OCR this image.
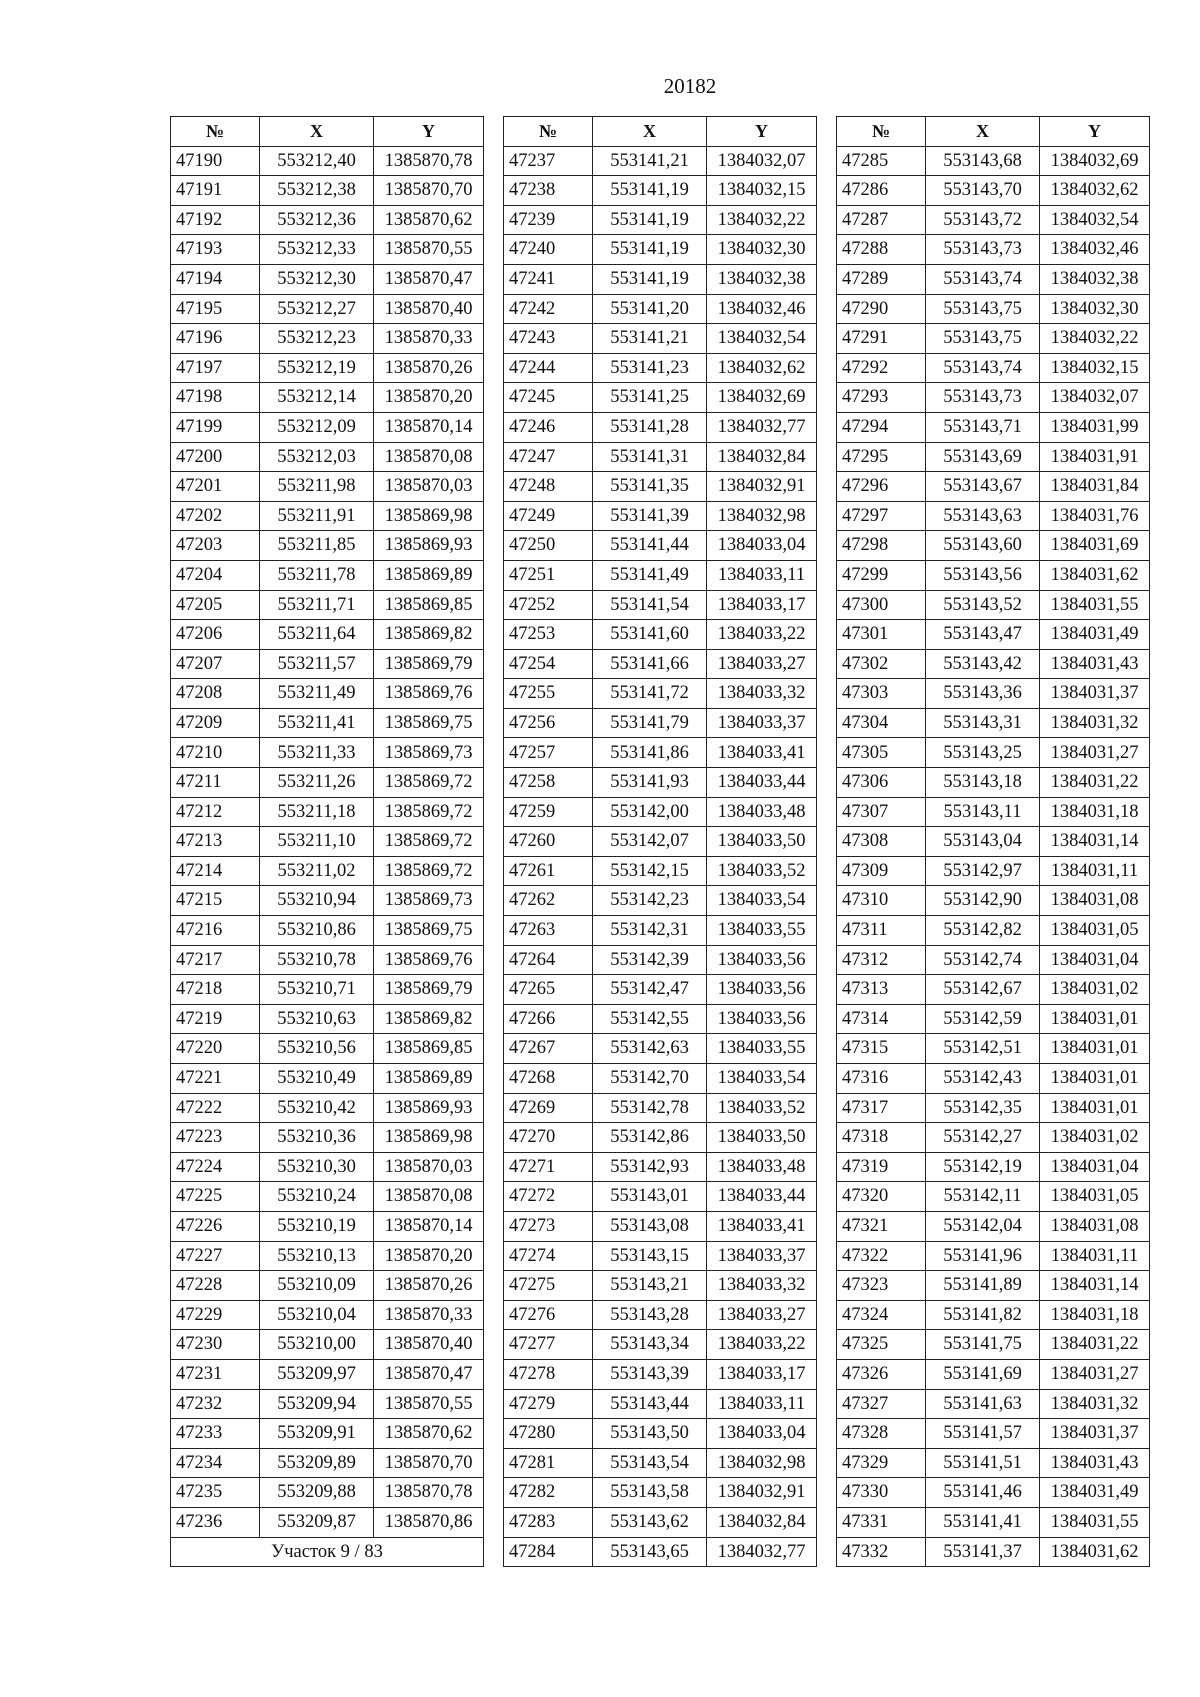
20182
№	X	Y
47190	553212,40	1385870,78
47191	553212,38	1385870,70
47192	553212,36	1385870,62
47193	553212,33	1385870,55
47194	553212,30	1385870,47
47195	553212,27	1385870,40
47196	553212,23	1385870,33
47197	553212,19	1385870,26
47198	553212,14	1385870,20
47199	553212,09	1385870,14
47200	553212,03	1385870,08
47201	553211,98	1385870,03
47202	553211,91	1385869,98
47203	553211,85	1385869,93
47204	553211,78	1385869,89
47205	553211,71	1385869,85
47206	553211,64	1385869,82
47207	553211,57	1385869,79
47208	553211,49	1385869,76
47209	553211,41	1385869,75
47210	553211,33	1385869,73
47211	553211,26	1385869,72
47212	553211,18	1385869,72
47213	553211,10	1385869,72
47214	553211,02	1385869,72
47215	553210,94	1385869,73
47216	553210,86	1385869,75
47217	553210,78	1385869,76
47218	553210,71	1385869,79
47219	553210,63	1385869,82
47220	553210,56	1385869,85
47221	553210,49	1385869,89
47222	553210,42	1385869,93
47223	553210,36	1385869,98
47224	553210,30	1385870,03
47225	553210,24	1385870,08
47226	553210,19	1385870,14
47227	553210,13	1385870,20
47228	553210,09	1385870,26
47229	553210,04	1385870,33
47230	553210,00	1385870,40
47231	553209,97	1385870,47
47232	553209,94	1385870,55
47233	553209,91	1385870,62
47234	553209,89	1385870,70
47235	553209,88	1385870,78
47236	553209,87	1385870,86
Участок 9 / 83		
№	X	Y
47237	553141,21	1384032,07
47238	553141,19	1384032,15
47239	553141,19	1384032,22
47240	553141,19	1384032,30
47241	553141,19	1384032,38
47242	553141,20	1384032,46
47243	553141,21	1384032,54
47244	553141,23	1384032,62
47245	553141,25	1384032,69
47246	553141,28	1384032,77
47247	553141,31	1384032,84
47248	553141,35	1384032,91
47249	553141,39	1384032,98
47250	553141,44	1384033,04
47251	553141,49	1384033,11
47252	553141,54	1384033,17
47253	553141,60	1384033,22
47254	553141,66	1384033,27
47255	553141,72	1384033,32
47256	553141,79	1384033,37
47257	553141,86	1384033,41
47258	553141,93	1384033,44
47259	553142,00	1384033,48
47260	553142,07	1384033,50
47261	553142,15	1384033,52
47262	553142,23	1384033,54
47263	553142,31	1384033,55
47264	553142,39	1384033,56
47265	553142,47	1384033,56
47266	553142,55	1384033,56
47267	553142,63	1384033,55
47268	553142,70	1384033,54
47269	553142,78	1384033,52
47270	553142,86	1384033,50
47271	553142,93	1384033,48
47272	553143,01	1384033,44
47273	553143,08	1384033,41
47274	553143,15	1384033,37
47275	553143,21	1384033,32
47276	553143,28	1384033,27
47277	553143,34	1384033,22
47278	553143,39	1384033,17
47279	553143,44	1384033,11
47280	553143,50	1384033,04
47281	553143,54	1384032,98
47282	553143,58	1384032,91
47283	553143,62	1384032,84
47284	553143,65	1384032,77
№	X	Y
47285	553143,68	1384032,69
47286	553143,70	1384032,62
47287	553143,72	1384032,54
47288	553143,73	1384032,46
47289	553143,74	1384032,38
47290	553143,75	1384032,30
47291	553143,75	1384032,22
47292	553143,74	1384032,15
47293	553143,73	1384032,07
47294	553143,71	1384031,99
47295	553143,69	1384031,91
47296	553143,67	1384031,84
47297	553143,63	1384031,76
47298	553143,60	1384031,69
47299	553143,56	1384031,62
47300	553143,52	1384031,55
47301	553143,47	1384031,49
47302	553143,42	1384031,43
47303	553143,36	1384031,37
47304	553143,31	1384031,32
47305	553143,25	1384031,27
47306	553143,18	1384031,22
47307	553143,11	1384031,18
47308	553143,04	1384031,14
47309	553142,97	1384031,11
47310	553142,90	1384031,08
47311	553142,82	1384031,05
47312	553142,74	1384031,04
47313	553142,67	1384031,02
47314	553142,59	1384031,01
47315	553142,51	1384031,01
47316	553142,43	1384031,01
47317	553142,35	1384031,01
47318	553142,27	1384031,02
47319	553142,19	1384031,04
47320	553142,11	1384031,05
47321	553142,04	1384031,08
47322	553141,96	1384031,11
47323	553141,89	1384031,14
47324	553141,82	1384031,18
47325	553141,75	1384031,22
47326	553141,69	1384031,27
47327	553141,63	1384031,32
47328	553141,57	1384031,37
47329	553141,51	1384031,43
47330	553141,46	1384031,49
47331	553141,41	1384031,55
47332	553141,37	1384031,62
